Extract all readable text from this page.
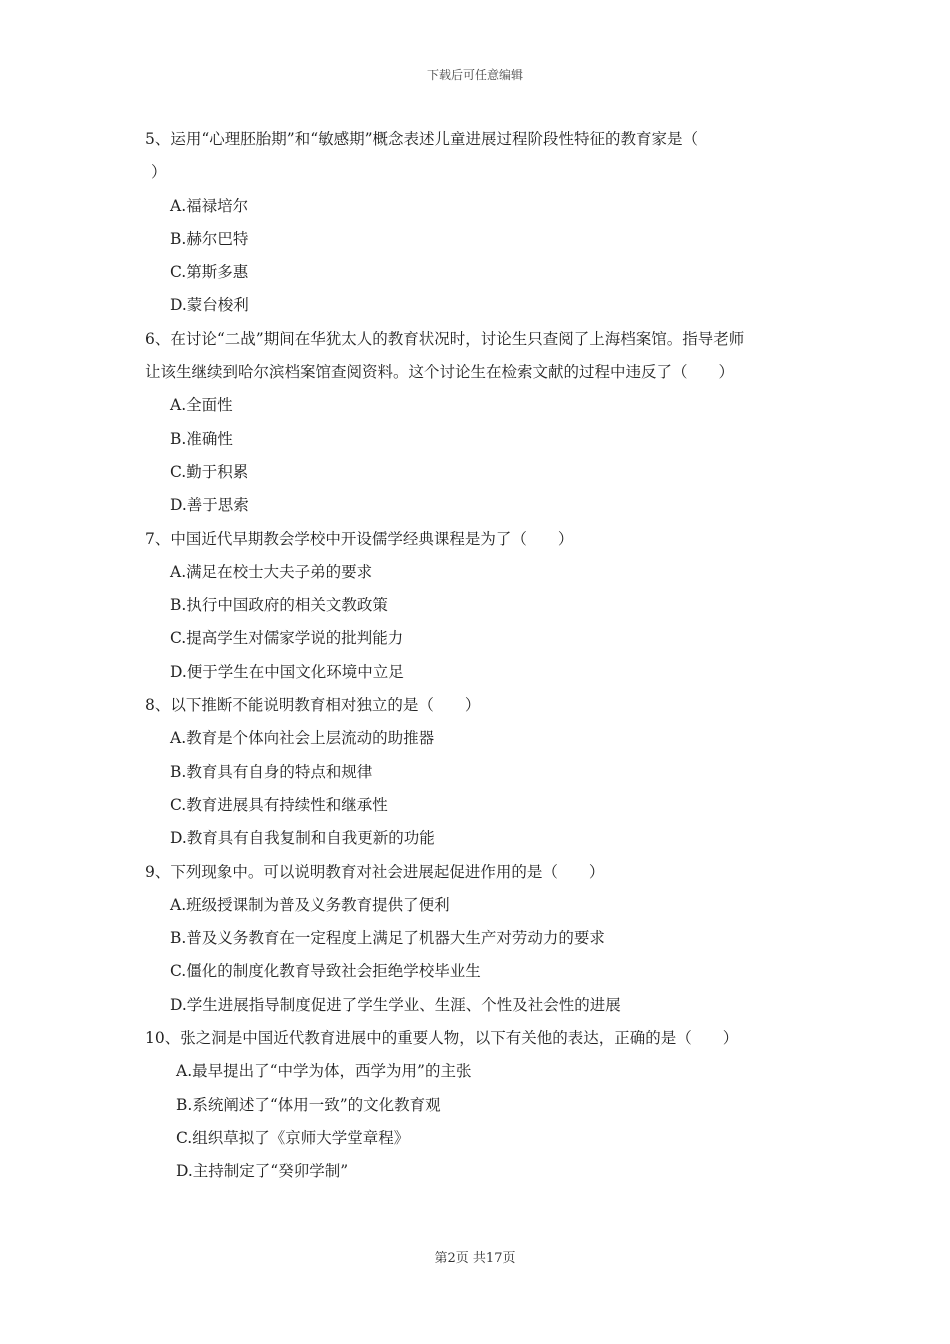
下载后可任意编辑
5、运用“心理胚胎期”和“敏感期”概念表述儿童进展过程阶段性特征的教育家是（
）
A.福禄培尔
B.赫尔巴特
C.第斯多惠
D.蒙台梭利
6、在讨论“二战”期间在华犹太人的教育状况时，讨论生只查阅了上海档案馆。指导老师
让该生继续到哈尔滨档案馆查阅资料。这个讨论生在检索文献的过程中违反了（　　）
A.全面性
B.准确性
C.勤于积累
D.善于思索
7、中国近代早期教会学校中开设儒学经典课程是为了（　　）
A.满足在校士大夫子弟的要求
B.执行中国政府的相关文教政策
C.提高学生对儒家学说的批判能力
D.便于学生在中国文化环境中立足
8、以下推断不能说明教育相对独立的是（　　）
A.教育是个体向社会上层流动的助推器
B.教育具有自身的特点和规律
C.教育进展具有持续性和继承性
D.教育具有自我复制和自我更新的功能
9、下列现象中。可以说明教育对社会进展起促进作用的是（　　）
A.班级授课制为普及义务教育提供了便利
B.普及义务教育在一定程度上满足了机器大生产对劳动力的要求
C.僵化的制度化教育导致社会拒绝学校毕业生
D.学生进展指导制度促进了学生学业、生涯、个性及社会性的进展
10、张之洞是中国近代教育进展中的重要人物，以下有关他的表达，正确的是（　　）
A.最早提出了“中学为体，西学为用”的主张
B.系统阐述了“体用一致”的文化教育观
C.组织草拟了《京师大学堂章程》
D.主持制定了“癸卯学制”
第2页 共17页
